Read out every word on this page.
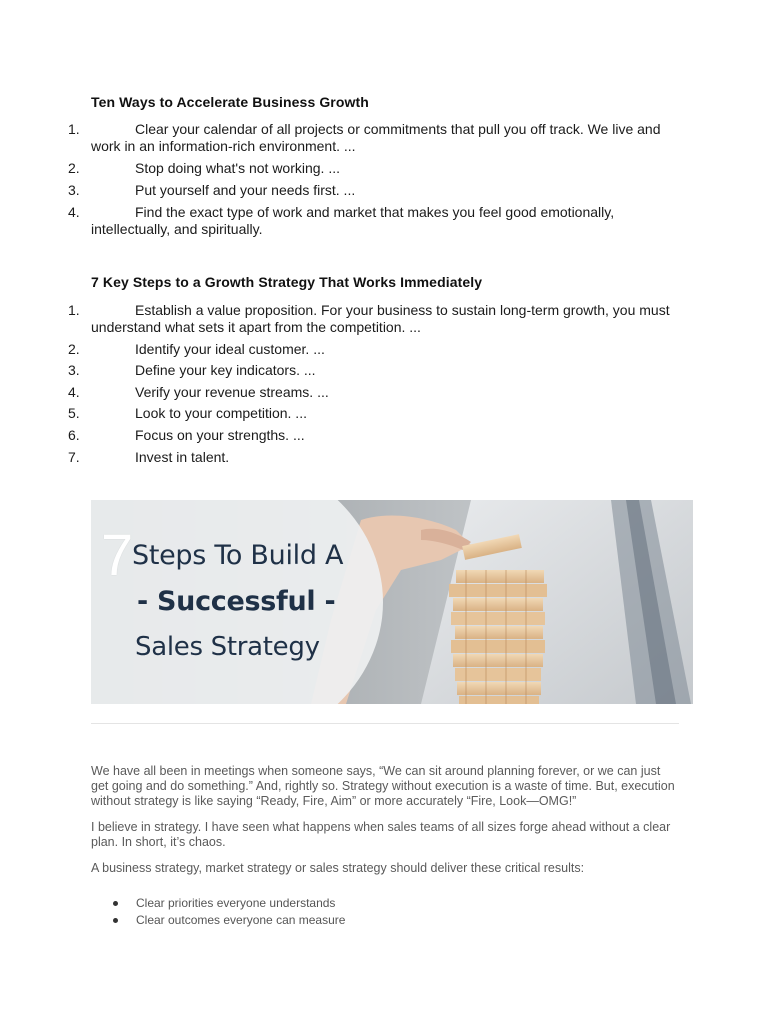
Ten Ways to Accelerate Business Growth
1.	Clear your calendar of all projects or commitments that pull you off track. We live and work in an information-rich environment. ...
2.	Stop doing what's not working. ...
3.	Put yourself and your needs first. ...
4.	Find the exact type of work and market that makes you feel good emotionally, intellectually, and spiritually.
7 Key Steps to a Growth Strategy That Works Immediately
1.	Establish a value proposition. For your business to sustain long-term growth, you must understand what sets it apart from the competition. ...
2.	Identify your ideal customer. ...
3.	Define your key indicators. ...
4.	Verify your revenue streams. ...
5.	Look to your competition. ...
6.	Focus on your strengths. ...
7.	Invest in talent.
7
Steps To Build A
- Successful -
Sales Strategy
We have all been in meetings when someone says, “We can sit around planning forever, or we can just get going and do something.” And, rightly so. Strategy without execution is a waste of time. But, execution without strategy is like saying “Ready, Fire, Aim” or more accurately “Fire, Look—OMG!”
I believe in strategy. I have seen what happens when sales teams of all sizes forge ahead without a clear plan. In short, it’s chaos.
A business strategy, market strategy or sales strategy should deliver these critical results:
Clear priorities everyone understands
Clear outcomes everyone can measure
